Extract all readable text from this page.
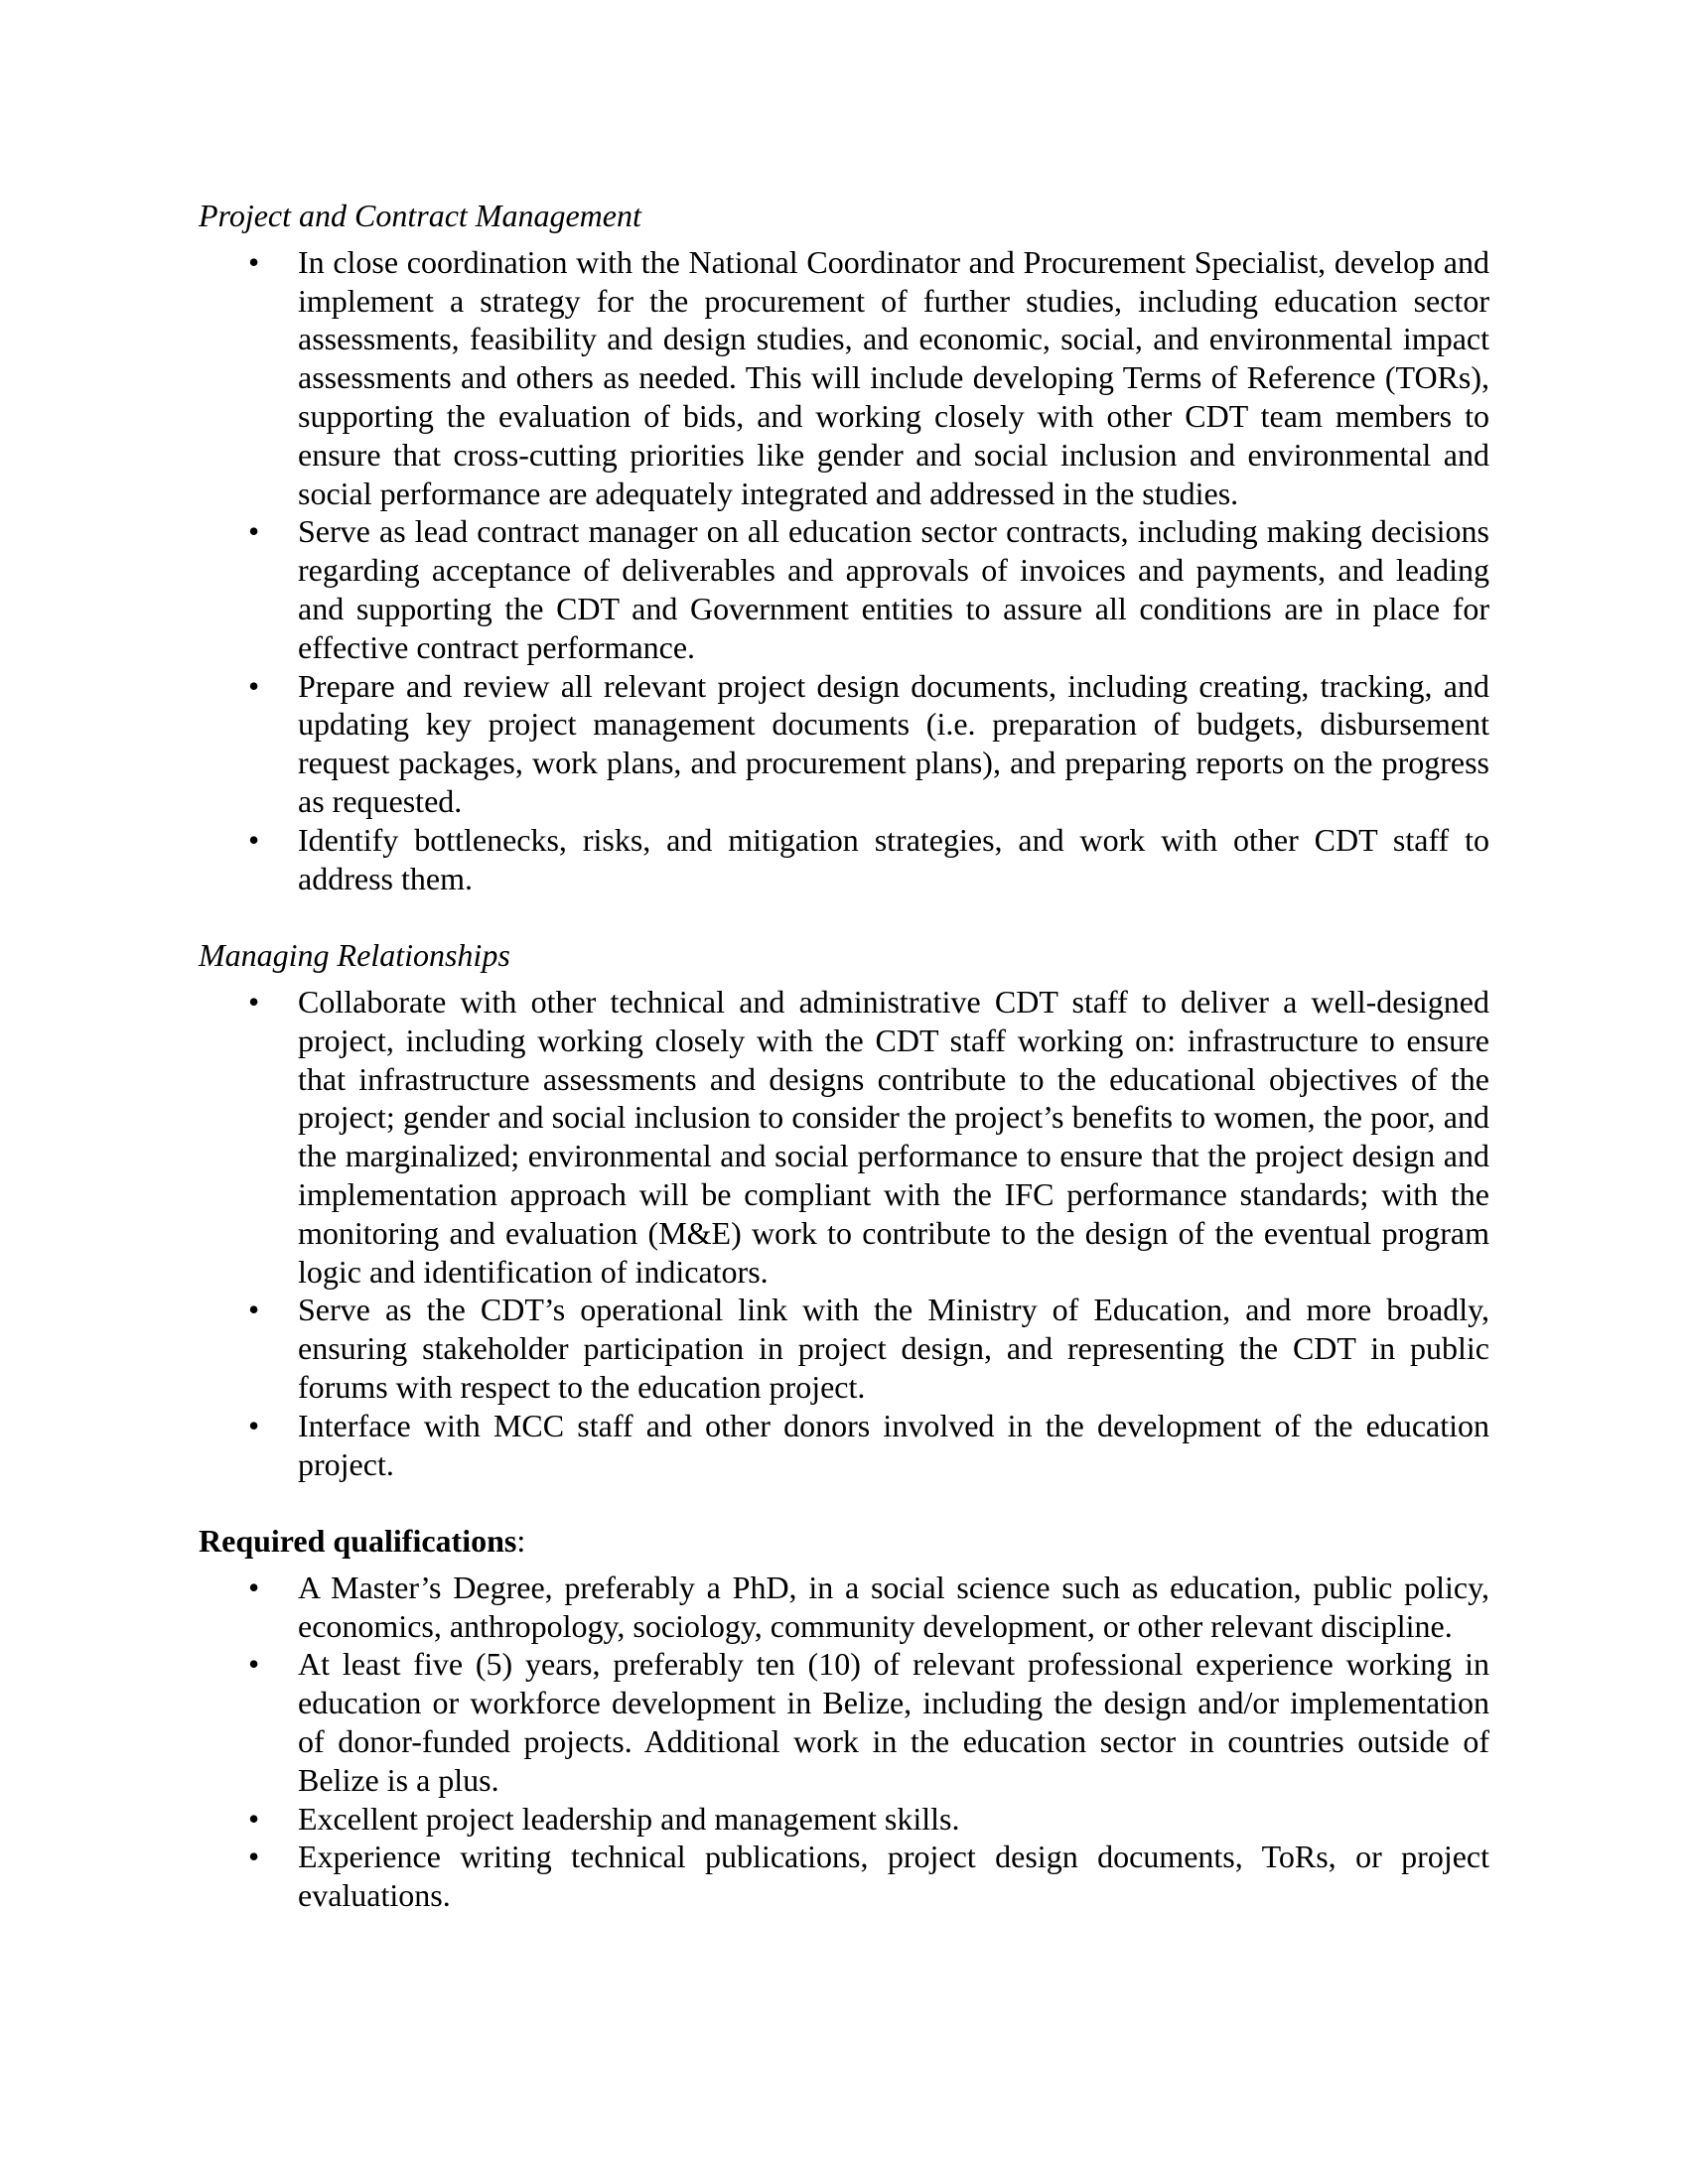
Project and Contract Management
• In close coordination with the National Coordinator and Procurement Specialist, develop and implement a strategy for the procurement of further studies, including education sector assessments, feasibility and design studies, and economic, social, and environmental impact assessments and others as needed. This will include developing Terms of Reference (TORs), supporting the evaluation of bids, and working closely with other CDT team members to ensure that cross-cutting priorities like gender and social inclusion and environmental and social performance are adequately integrated and addressed in the studies.
• Serve as lead contract manager on all education sector contracts, including making decisions regarding acceptance of deliverables and approvals of invoices and payments, and leading and supporting the CDT and Government entities to assure all conditions are in place for effective contract performance.
• Prepare and review all relevant project design documents, including creating, tracking, and updating key project management documents (i.e. preparation of budgets, disbursement request packages, work plans, and procurement plans), and preparing reports on the progress as requested.
• Identify bottlenecks, risks, and mitigation strategies, and work with other CDT staff to address them.
Managing Relationships
• Collaborate with other technical and administrative CDT staff to deliver a well-designed project, including working closely with the CDT staff working on: infrastructure to ensure that infrastructure assessments and designs contribute to the educational objectives of the project; gender and social inclusion to consider the project’s benefits to women, the poor, and the marginalized; environmental and social performance to ensure that the project design and implementation approach will be compliant with the IFC performance standards; with the monitoring and evaluation (M&E) work to contribute to the design of the eventual program logic and identification of indicators.
• Serve as the CDT’s operational link with the Ministry of Education, and more broadly, ensuring stakeholder participation in project design, and representing the CDT in public forums with respect to the education project.
• Interface with MCC staff and other donors involved in the development of the education project.
Required qualifications:
• A Master’s Degree, preferably a PhD, in a social science such as education, public policy, economics, anthropology, sociology, community development, or other relevant discipline.
• At least five (5) years, preferably ten (10) of relevant professional experience working in education or workforce development in Belize, including the design and/or implementation of donor-funded projects. Additional work in the education sector in countries outside of Belize is a plus.
• Excellent project leadership and management skills.
• Experience writing technical publications, project design documents, ToRs, or project evaluations.
